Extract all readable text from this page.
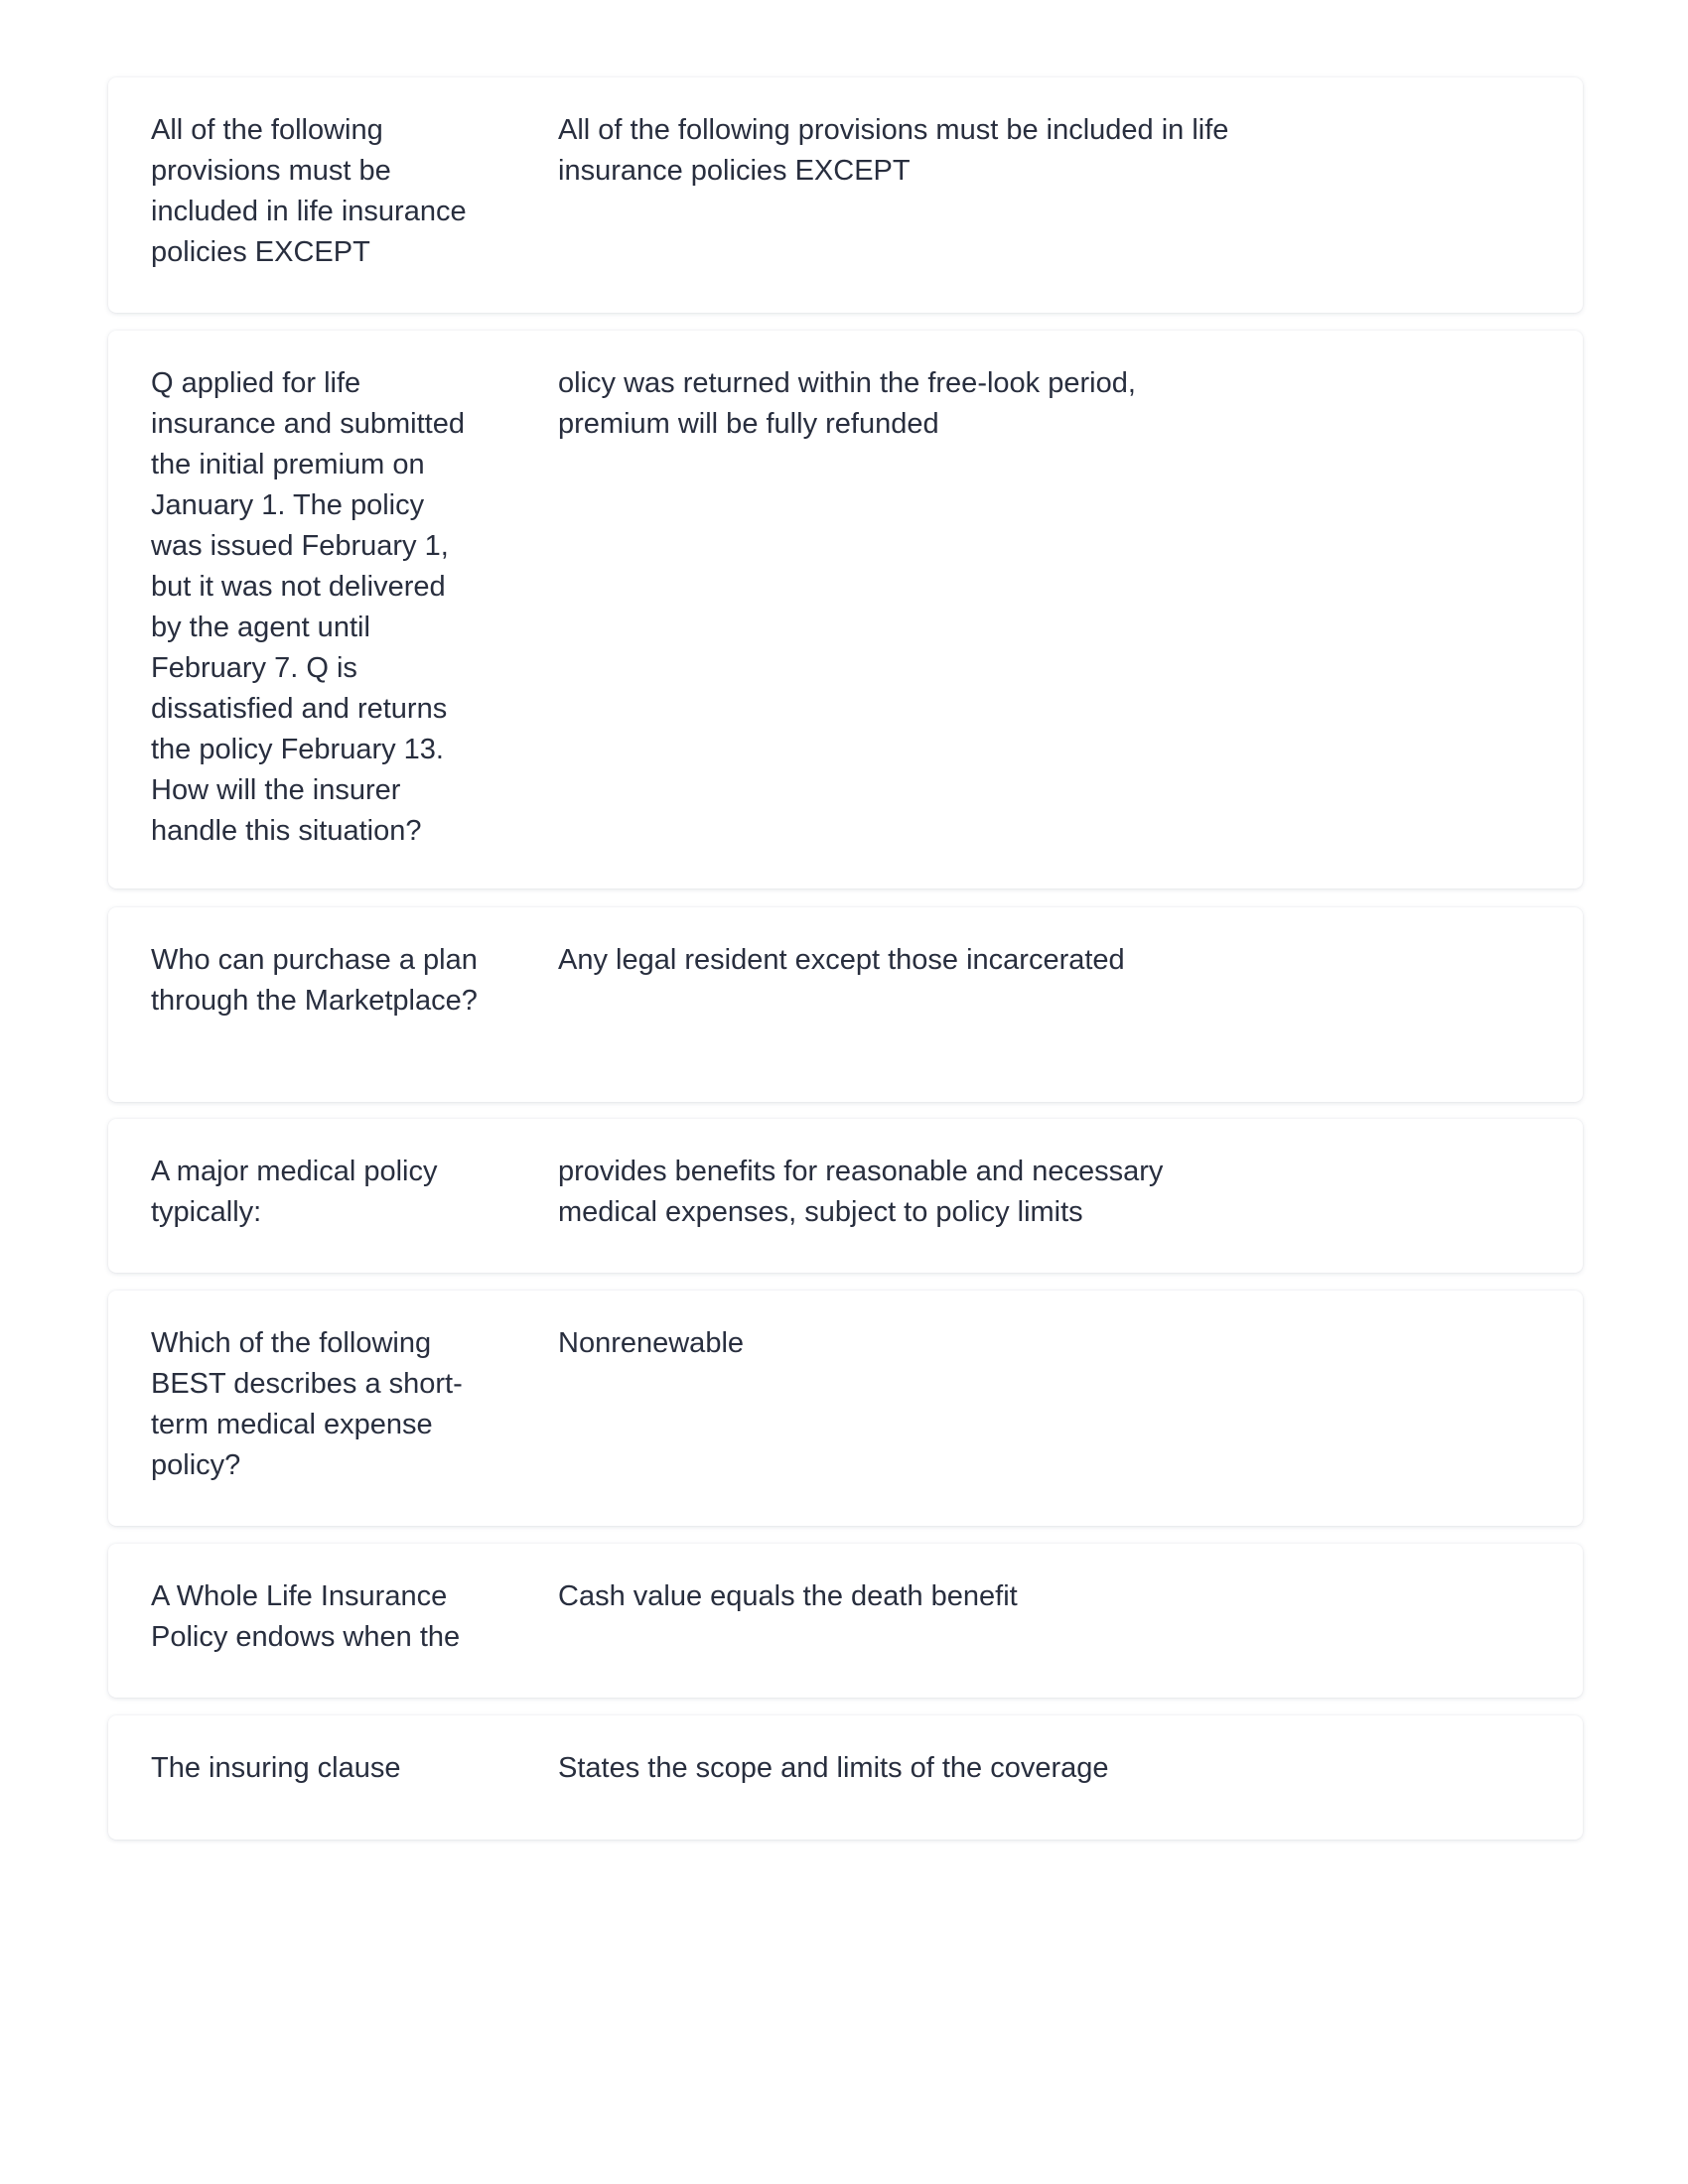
All of the following provisions must be included in life insurance policies EXCEPT
All of the following provisions must be included in life insurance policies EXCEPT
Q applied for life insurance and submitted the initial premium on January 1. The policy was issued February 1, but it was not delivered by the agent until February 7. Q is dissatisfied and returns the policy February 13. How will the insurer handle this situation?
olicy was returned within the free-look period, premium will be fully refunded
Who can purchase a plan through the Marketplace?
Any legal resident except those incarcerated
A major medical policy typically:
provides benefits for reasonable and necessary medical expenses, subject to policy limits
Which of the following BEST describes a short-term medical expense policy?
Nonrenewable
A Whole Life Insurance Policy endows when the
Cash value equals the death benefit
The insuring clause	States the scope and limits of the coverage
